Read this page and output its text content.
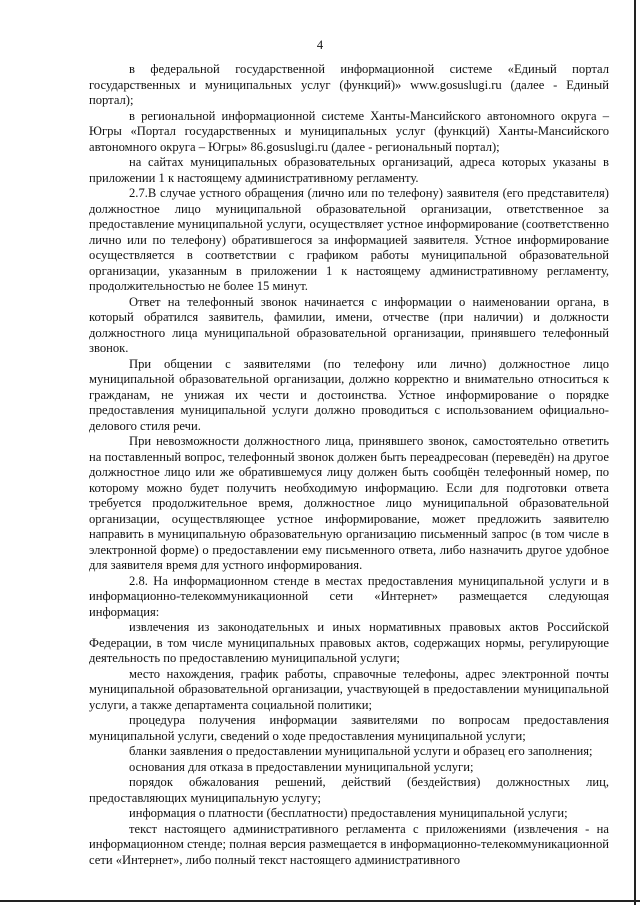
4

в федеральной государственной информационной системе «Единый портал государственных и муниципальных услуг (функций)» www.gosuslugi.ru (далее - Единый портал);

в региональной информационной системе Ханты-Мансийского автономного округа – Югры «Портал государственных и муниципальных услуг (функций) Ханты-Мансийского автономного округа – Югры» 86.gosuslugi.ru (далее - региональный портал);

на сайтах муниципальных образовательных организаций, адреса которых указаны в приложении 1 к настоящему административному регламенту.

2.7.В случае устного обращения (лично или по телефону) заявителя (его представителя) должностное лицо муниципальной образовательной организации, ответственное за предоставление муниципальной услуги, осуществляет устное информирование (соответственно лично или по телефону) обратившегося за информацией заявителя. Устное информирование осуществляется в соответствии с графиком работы муниципальной образовательной организации, указанным в приложении 1 к настоящему административному регламенту, продолжительностью не более 15 минут.

Ответ на телефонный звонок начинается с информации о наименовании органа, в который обратился заявитель, фамилии, имени, отчестве (при наличии) и должности должностного лица муниципальной образовательной организации, принявшего телефонный звонок.

При общении с заявителями (по телефону или лично) должностное лицо муниципальной образовательной организации, должно корректно и внимательно относиться к гражданам, не унижая их чести и достоинства. Устное информирование о порядке предоставления муниципальной услуги должно проводиться с использованием официально-делового стиля речи.

При невозможности должностного лица, принявшего звонок, самостоятельно ответить на поставленный вопрос, телефонный звонок должен быть переадресован (переведён) на другое должностное лицо или же обратившемуся лицу должен быть сообщён телефонный номер, по которому можно будет получить необходимую информацию. Если для подготовки ответа требуется продолжительное время, должностное лицо муниципальной образовательной организации, осуществляющее устное информирование, может предложить заявителю направить в муниципальную образовательную организацию письменный запрос (в том числе в электронной форме) о предоставлении ему письменного ответа, либо назначить другое удобное для заявителя время для устного информирования.

2.8. На информационном стенде в местах предоставления муниципальной услуги и в информационно-телекоммуникационной сети «Интернет» размещается следующая информация:

извлечения из законодательных и иных нормативных правовых актов Российской Федерации, в том числе муниципальных правовых актов, содержащих нормы, регулирующие деятельность по предоставлению муниципальной услуги;

место нахождения, график работы, справочные телефоны, адрес электронной почты муниципальной образовательной организации, участвующей в предоставлении муниципальной услуги, а также департамента социальной политики;

процедура получения информации заявителями по вопросам предоставления муниципальной услуги, сведений о ходе предоставления муниципальной услуги;

бланки заявления о предоставлении муниципальной услуги и образец его заполнения;

основания для отказа в предоставлении муниципальной услуги;

порядок обжалования решений, действий (бездействия) должностных лиц, предоставляющих муниципальную услугу;

информация о платности (бесплатности) предоставления муниципальной услуги;

текст настоящего административного регламента с приложениями (извлечения - на информационном стенде; полная версия размещается в информационно-телекоммуникационной сети «Интернет», либо полный текст настоящего административного
